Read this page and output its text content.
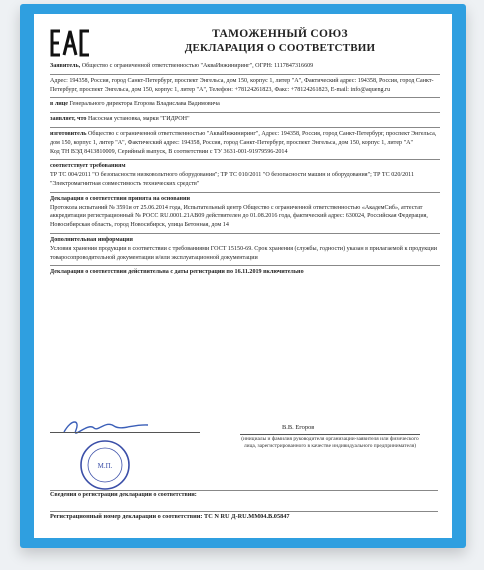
ТАМОЖЕННЫЙ СОЮЗ
ДЕКЛАРАЦИЯ О СООТВЕТСТВИИ

Заявитель, Общество с ограниченной ответственностью "АкваИнжиниринг", ОГРН: 1117847316609

Адрес: 194358, Россия, город Санкт-Петербург, проспект Энгельса, дом 150, корпус 1, литер "А", Фактический адрес: 194358, Россия, город Санкт-Петербург, проспект Энгельса, дом 150, корпус 1, литер "А", Телефон: +78124261823, Факс: +78124261823, E-mail: info@aqueng.ru

в лице Генерального директора Егорова Владислава Вадимовича

заявляет, что Насосная установка, марки "ГИДРОН"

изготовитель Общество с ограниченной ответственностью "АкваИнжиниринг", Адрес: 194358, Россия, город Санкт-Петербург, проспект Энгельса, дом 150, корпус 1, литер "А", Фактический адрес: 194358, Россия, город Санкт-Петербург, проспект Энгельса, дом 150, корпус 1, литер "А"

Код ТН ВЭД 8413810009, Серийный выпуск, В соответствии с ТУ 3631-001-91979596-2014

соответствует требованиям

ТР ТС 004/2011 "О безопасности низковольтного оборудования"; ТР ТС 010/2011 "О безопасности машин и оборудования"; ТР ТС 020/2011 "Электромагнитная совместимость технических средств"

Декларация о соответствии принята на основании

Протокола испытаний № 3591и от 25.06.2014 года, Испытательный центр Общество с ограниченной ответственностью «АкадемСиб», аттестат аккредитации регистрационный № РОСС RU.0001.21АВ09 действителен до 01.08.2016 года, фактический адрес: 630024, Российская Федерация, Новосибирская область, город Новосибирск, улица Бетонная, дом 14

Дополнительная информация

Условия хранения продукции в соответствии с требованиями ГОСТ 15150-69. Срок хранения (службы, годности) указан в прилагаемой к продукции товаросопроводительной документации и/или эксплуатационной документации

Декларация о соответствии действительна с даты регистрации по 16.11.2019 включительно

В.В. Егоров
(инициалы и фамилия руководителя организации-заявителя или физического лица, зарегистрированного в качестве индивидуального предпринимателя)
М.П.
Сведения о регистрации декларации о соответствии:
Регистрационный номер декларации о соответствии: ТС N RU Д-RU.ММ04.В.05847
